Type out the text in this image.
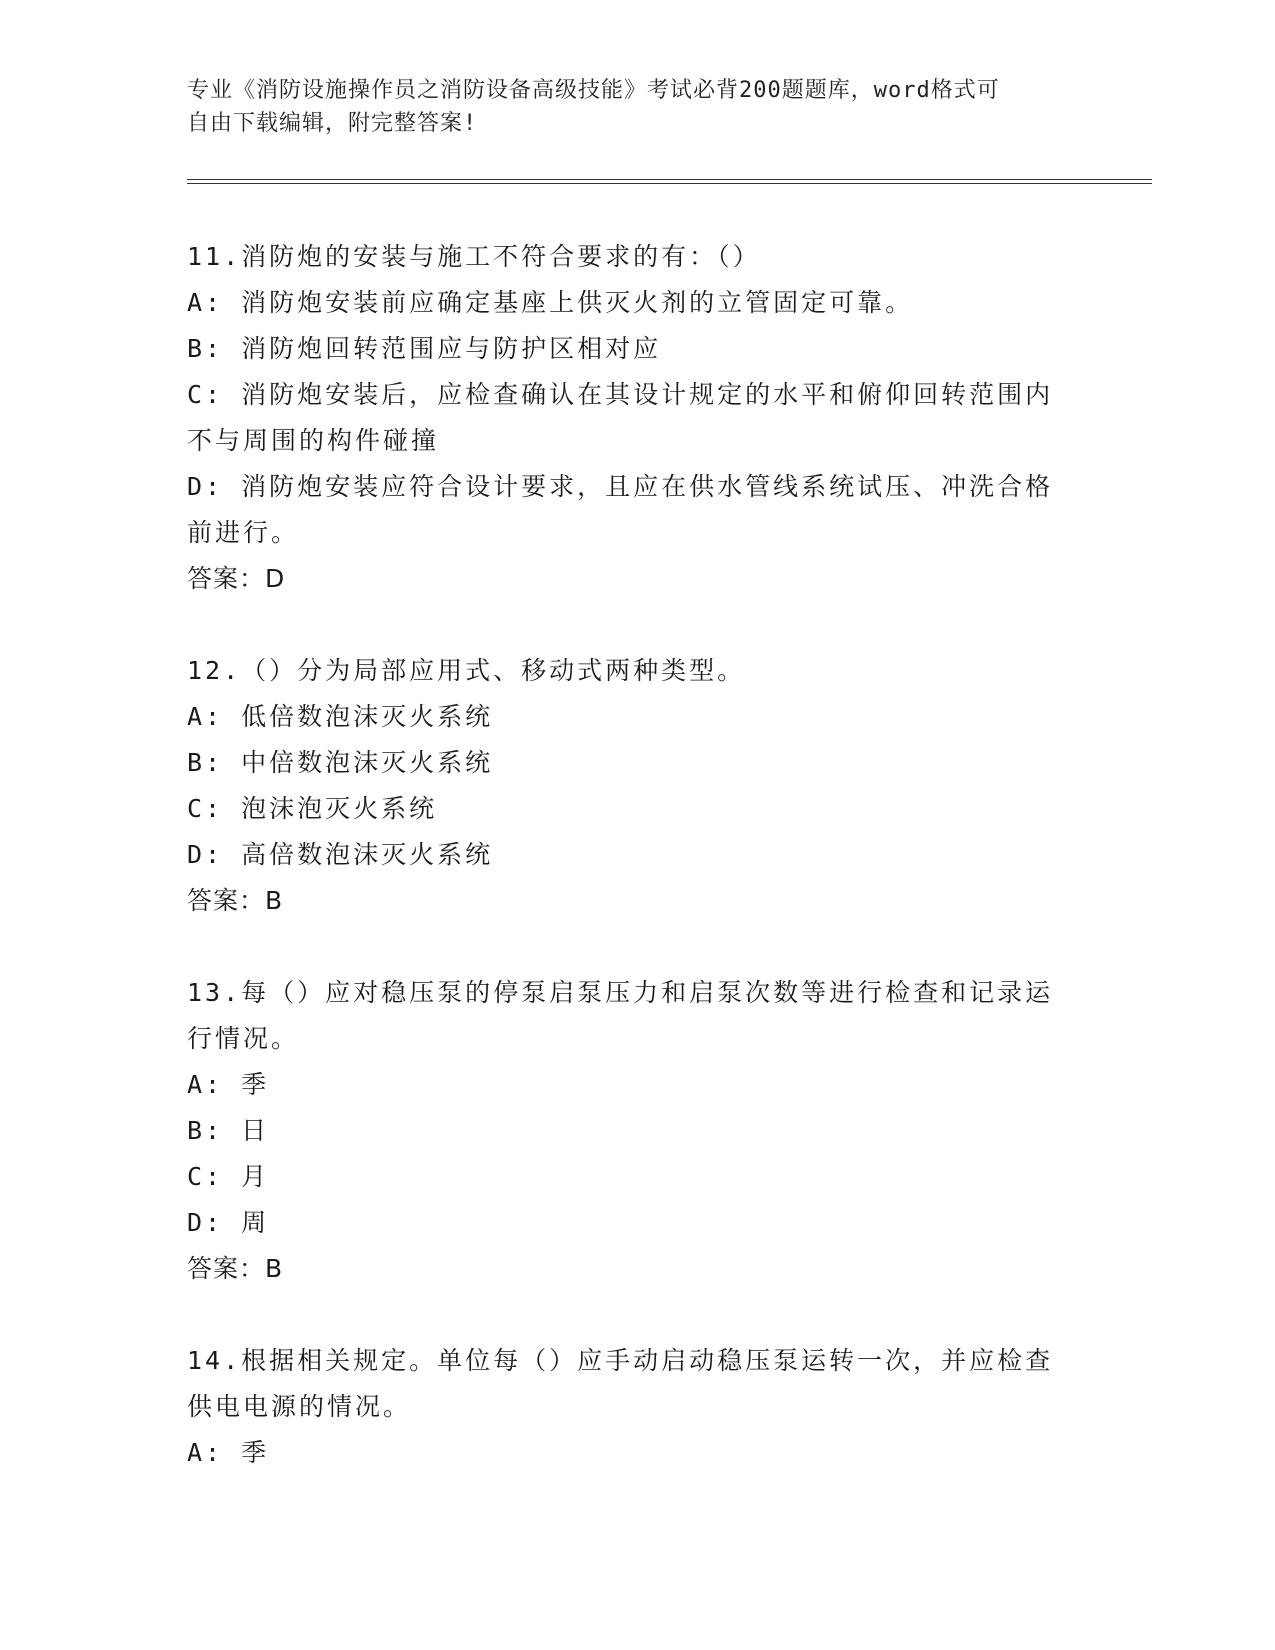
专业《消防设施操作员之消防设备高级技能》考试必背200题题库，word格式可
自由下载编辑，附完整答案!

11.消防炮的安装与施工不符合要求的有：（）

A: 消防炮安装前应确定基座上供灭火剂的立管固定可靠。

B: 消防炮回转范围应与防护区相对应

C: 消防炮安装后，应检查确认在其设计规定的水平和俯仰回转范围内不与周围的构件碰撞

D: 消防炮安装应符合设计要求，且应在供水管线系统试压、冲洗合格前进行。

答案：D

12.（）分为局部应用式、移动式两种类型。

A: 低倍数泡沫灭火系统

B: 中倍数泡沫灭火系统

C: 泡沫泡灭火系统

D: 高倍数泡沫灭火系统

答案：B

13.每（）应对稳压泵的停泵启泵压力和启泵次数等进行检查和记录运行情况。

A: 季

B: 日

C: 月

D: 周

答案：B

14.根据相关规定。单位每（）应手动启动稳压泵运转一次，并应检查供电电源的情况。

A: 季
